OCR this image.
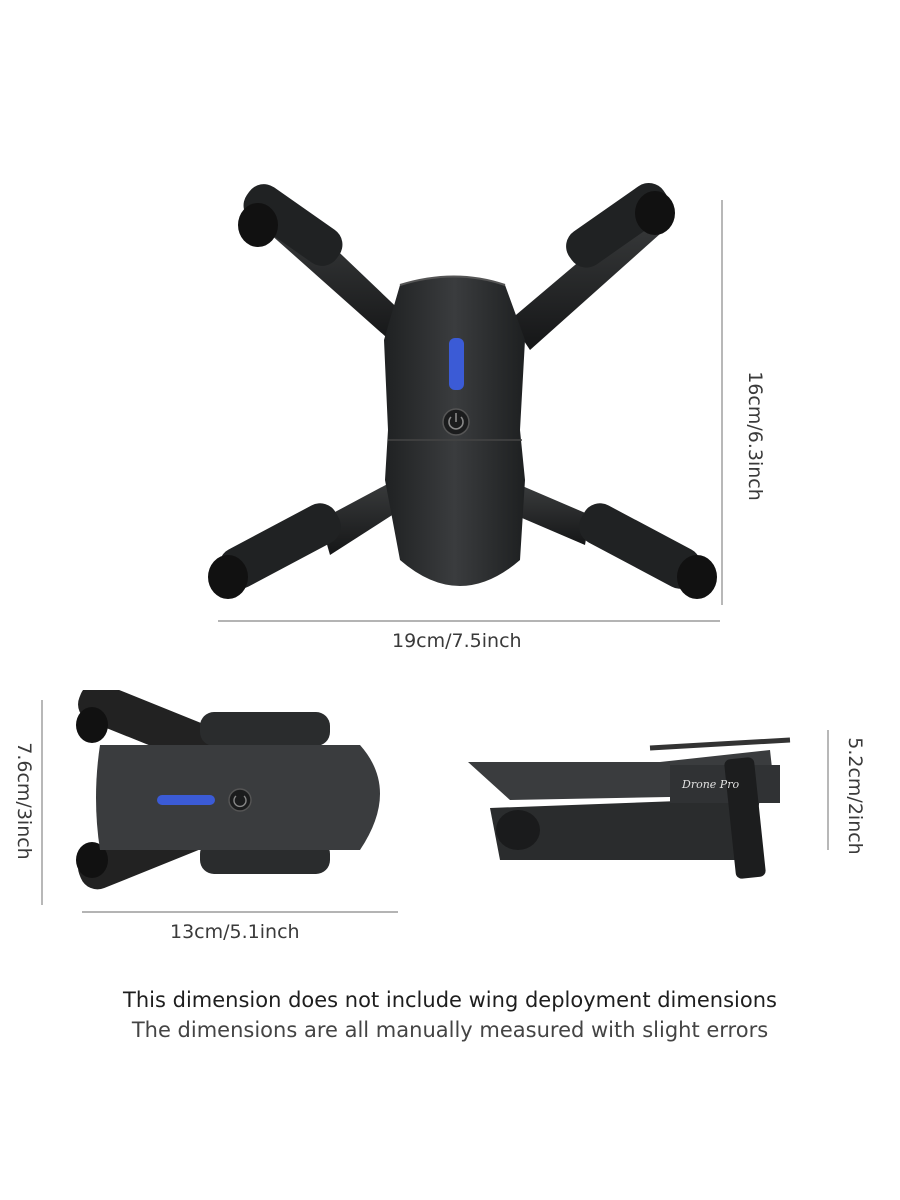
19cm/7.5inch
16cm/6.3inch
13cm/5.1inch
7.6cm/3inch	Drone Pro	5.2cm/2inch
This dimension does not include wing deployment dimensions
The dimensions are all manually measured with slight errors
